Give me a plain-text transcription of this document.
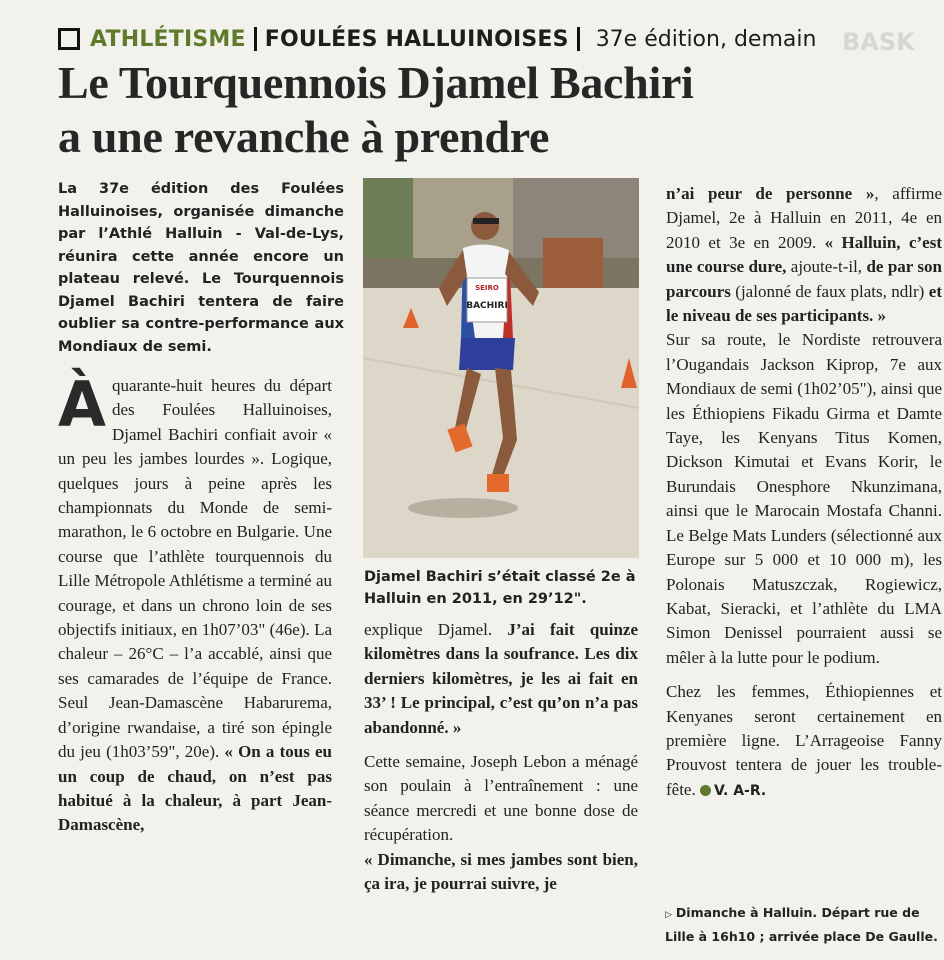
BASK
ATHLÉTISME FOULÉES HALLUINOISES 37e édition, demain
Le Tourquennois Djamel Bachiri
a une revanche à prendre
La 37e édition des Foulées Halluinoises, organisée dimanche par l’Athlé Halluin - Val-de-Lys, réunira cette année encore un plateau relevé. Le Tourquennois Djamel Bachiri tentera de faire oublier sa contre-performance aux Mondiaux de semi.

À quarante-huit heures du départ des Foulées Halluinoises, Djamel Bachiri confiait avoir « un peu les jambes lourdes ». Logique, quelques jours à peine après les championnats du Monde de semi-marathon, le 6 octobre en Bulgarie. Une course que l’athlète tourquennois du Lille Métropole Athlétisme a terminé au courage, et dans un chrono loin de ses objectifs initiaux, en 1h07’03" (46e). La chaleur – 26°C – l’a accablé, ainsi que ses camarades de l’équipe de France. Seul Jean-Damascène Habarurema, d’origine rwandaise, a tiré son épingle du jeu (1h03’59", 20e). « On a tous eu un coup de chaud, on n’est pas habitué à la chaleur, à part Jean-Damascène,

SEIRO
BACHIRI
Djamel Bachiri s’était classé 2e à Halluin en 2011, en 29’12".

explique Djamel. J’ai fait quinze kilomètres dans la soufrance. Les dix derniers kilomètres, je les ai fait en 33’ ! Le principal, c’est qu’on n’a pas abandonné. »

Cette semaine, Joseph Lebon a ménagé son poulain à l’entraînement : une séance mercredi et une bonne dose de récupération.

« Dimanche, si mes jambes sont bien, ça ira, je pourrai suivre, je

n’ai peur de personne », affirme Djamel, 2e à Halluin en 2011, 4e en 2010 et 3e en 2009. « Halluin, c’est une course dure, ajoute-t-il, de par son parcours (jalonné de faux plats, ndlr) et le niveau de ses participants. »

Sur sa route, le Nordiste retrouvera l’Ougandais Jackson Kiprop, 7e aux Mondiaux de semi (1h02’05"), ainsi que les Éthiopiens Fikadu Girma et Damte Taye, les Kenyans Titus Komen, Dickson Kimutai et Evans Korir, le Burundais Onesphore Nkunzimana, ainsi que le Marocain Mostafa Channi. Le Belge Mats Lunders (sélectionné aux Europe sur 5 000 et 10 000 m), les Polonais Matuszczak, Rogiewicz, Kabat, Sieracki, et l’athlète du LMA Simon Denissel pourraient aussi se mêler à la lutte pour le podium.

Chez les femmes, Éthiopiennes et Kenyanes seront certainement en première ligne. L’Arrageoise Fanny Prouvost tentera de jouer les trouble-fête. V. A-R.

▷ Dimanche à Halluin. Départ rue de Lille à 16h10 ; arrivée place De Gaulle.
